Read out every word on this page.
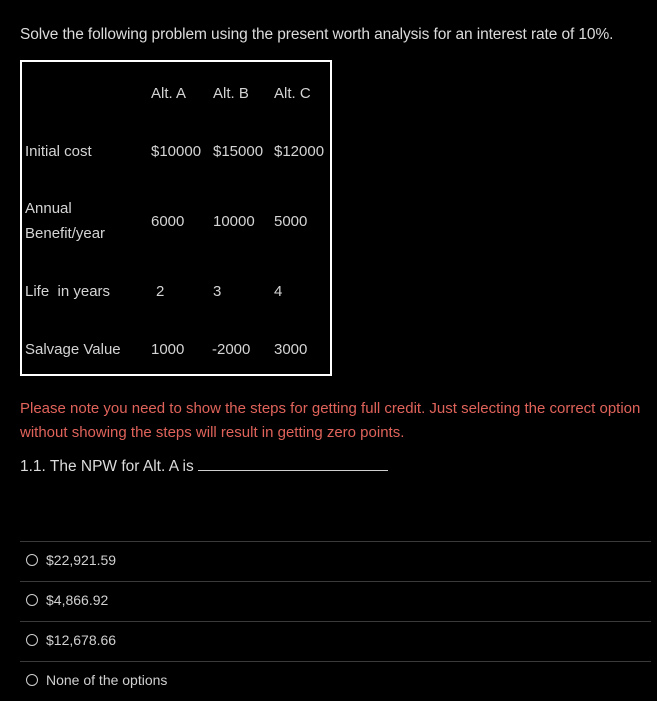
Solve the following problem using the present worth analysis for an interest rate of 10%.
Alt. A Alt. B Alt. C
Initial cost	$10000 $15000 $12000
Annual
Benefit/year
6000 10000 5000
Life  in years	2	3	4
Salvage Value 1000 -2000 3000
Please note you need to show the steps for getting full credit. Just selecting the correct option without showing the steps will result in getting zero points.
1.1. The NPW for Alt. A is
$22,921.59
$4,866.92
$12,678.66
None of the options
